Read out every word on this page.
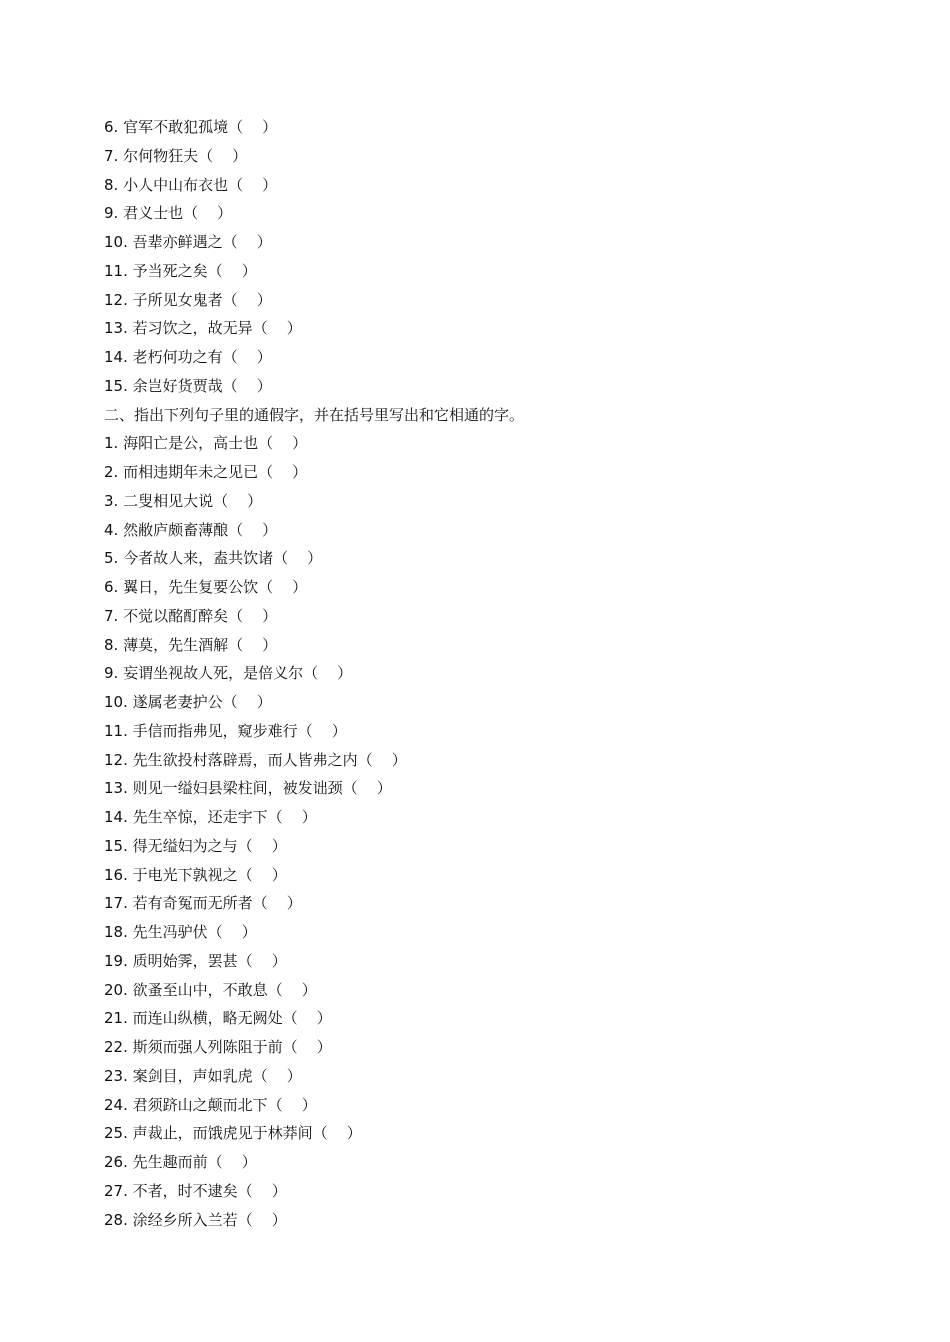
6. 官军不敢犯孤境（    ）
7. 尔何物狂夫（    ）
8. 小人中山布衣也（    ）
9. 君义士也（    ）
10. 吾辈亦鲜遇之（    ）
11. 予当死之矣（    ）
12. 子所见女鬼者（    ）
13. 若习饮之，故无异（    ）
14. 老朽何功之有（    ）
15. 余岂好货贾哉（    ）
二、指出下列句子里的通假字，并在括号里写出和它相通的字。
1. 海阳亡是公，高士也（    ）
2. 而相违期年未之见已（    ）
3. 二叟相见大说（    ）
4. 然敝庐颇畜薄酿（    ）
5. 今者故人来，盍共饮诸（    ）
6. 翼日，先生复要公饮（    ）
7. 不觉以酩酊醉矣（    ）
8. 薄莫，先生酒解（    ）
9. 妄谓坐视故人死，是倍义尔（    ）
10. 遂属老妻护公（    ）
11. 手信而指弗见，窥步难行（    ）
12. 先生欲投村落辟焉，而人皆弗之内（    ）
13. 则见一缢妇县梁柱间，被发诎颈（    ）
14. 先生卒惊，还走宇下（    ）
15. 得无缢妇为之与（    ）
16. 于电光下孰视之（    ）
17. 若有奇冤而无所者（    ）
18. 先生冯驴伏（    ）
19. 质明始霁，罢甚（    ）
20. 欲蚤至山中，不敢息（    ）
21. 而连山纵横，略无阙处（    ）
22. 斯须而强人列陈阻于前（    ）
23. 案剑目，声如乳虎（    ）
24. 君须跻山之颠而北下（    ）
25. 声裁止，而饿虎见于林莽间（    ）
26. 先生趣而前（    ）
27. 不者，时不逮矣（    ）
28. 涂经乡所入兰若（    ）
